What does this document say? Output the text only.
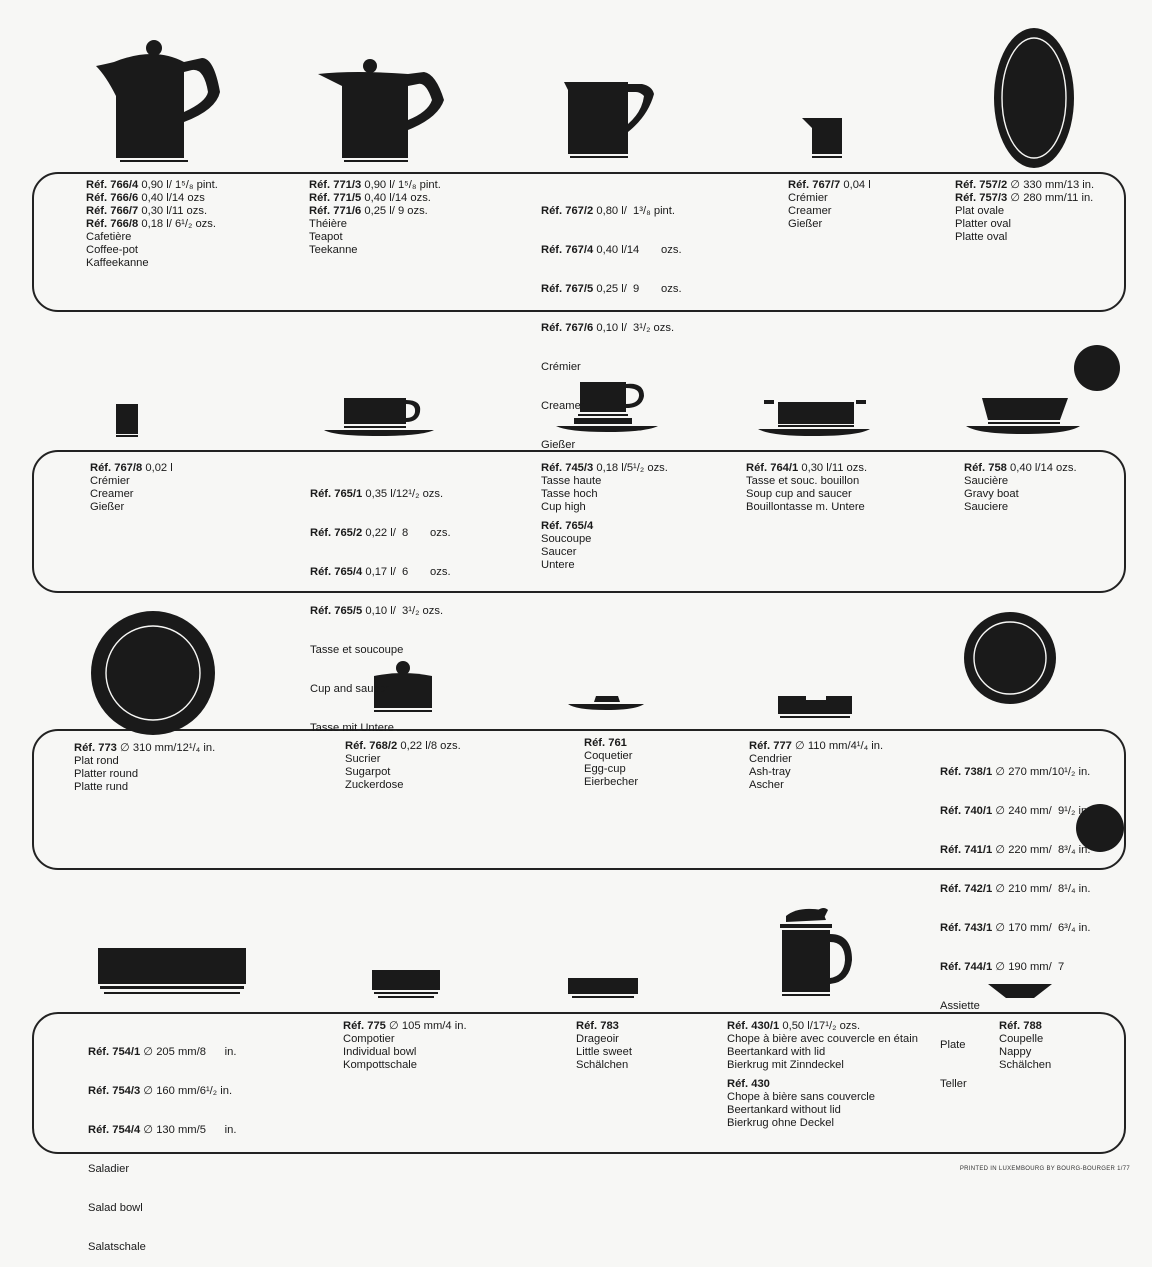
Réf. 766/4 0,90 l/ 1⁵/₈ pint.
Réf. 766/6 0,40 l/14 ozs
Réf. 766/7 0,30 l/11 ozs.
Réf. 766/8 0,18 l/ 6¹/₂ ozs.
Cafetière
Coffee-pot
Kaffeekanne
Réf. 771/3 0,90 l/ 1⁵/₈ pint.
Réf. 771/5 0,40 l/14 ozs.
Réf. 771/6 0,25 l/ 9 ozs.
Théière
Teapot
Teekanne

Réf. 767/2 0,80 l/  1³/₈ pint.

Réf. 767/4 0,40 l/14       ozs.

Réf. 767/5 0,25 l/  9       ozs.

Réf. 767/6 0,10 l/  3¹/₂ ozs.

Crémier

Creamer

Gießer

Réf. 767/7 0,04 l
Crémier
Creamer
Gießer
Réf. 757/2 ∅ 330 mm/13 in.
Réf. 757/3 ∅ 280 mm/11 in.
Plat ovale
Platter oval
Platte oval
Réf. 767/8 0,02 l
Crémier
Creamer
Gießer

Réf. 765/1 0,35 l/12¹/₂ ozs.

Réf. 765/2 0,22 l/  8       ozs.

Réf. 765/4 0,17 l/  6       ozs.

Réf. 765/5 0,10 l/  3¹/₂ ozs.

Tasse et soucoupe

Cup and saucer

Tasse mit Untere

Réf. 745/3 0,18 l/5¹/₂ ozs.
Tasse haute
Tasse hoch
Cup high
Réf. 765/4
Soucoupe
Saucer
Untere
Réf. 764/1 0,30 l/11 ozs.
Tasse et souc. bouillon
Soup cup and saucer
Bouillontasse m. Untere
Réf. 758 0,40 l/14 ozs.
Saucière
Gravy boat
Sauciere
Réf. 773 ∅ 310 mm/12¹/₄ in.
Plat rond
Platter round
Platte rund
Réf. 768/2 0,22 l/8 ozs.
Sucrier
Sugarpot
Zuckerdose
Réf. 761
Coquetier
Egg-cup
Eierbecher
Réf. 777 ∅ 110 mm/4¹/₄ in.
Cendrier
Ash-tray
Ascher

Réf. 738/1 ∅ 270 mm/10¹/₂ in.

Réf. 740/1 ∅ 240 mm/  9¹/₂ in.

Réf. 741/1 ∅ 220 mm/  8³/₄ in.

Réf. 742/1 ∅ 210 mm/  8¹/₄ in.

Réf. 743/1 ∅ 170 mm/  6³/₄ in.

Réf. 744/1 ∅ 190 mm/  7

Assiette

Plate

Teller

Réf. 754/1 ∅ 205 mm/8      in.

Réf. 754/3 ∅ 160 mm/6¹/₂ in.

Réf. 754/4 ∅ 130 mm/5      in.

Saladier

Salad bowl

Salatschale

Réf. 775 ∅ 105 mm/4 in.
Compotier
Individual bowl
Kompottschale
Réf. 783
Drageoir
Little sweet
Schälchen
Réf. 430/1 0,50 l/17¹/₂ ozs.
Chope à bière avec couvercle en étain
Beertankard with lid
Bierkrug mit Zinndeckel
Réf. 430
Chope à bière sans couvercle
Beertankard without lid
Bierkrug ohne Deckel
Réf. 788
Coupelle
Nappy
Schälchen
PRINTED IN LUXEMBOURG BY BOURG-BOURGER 1/77
